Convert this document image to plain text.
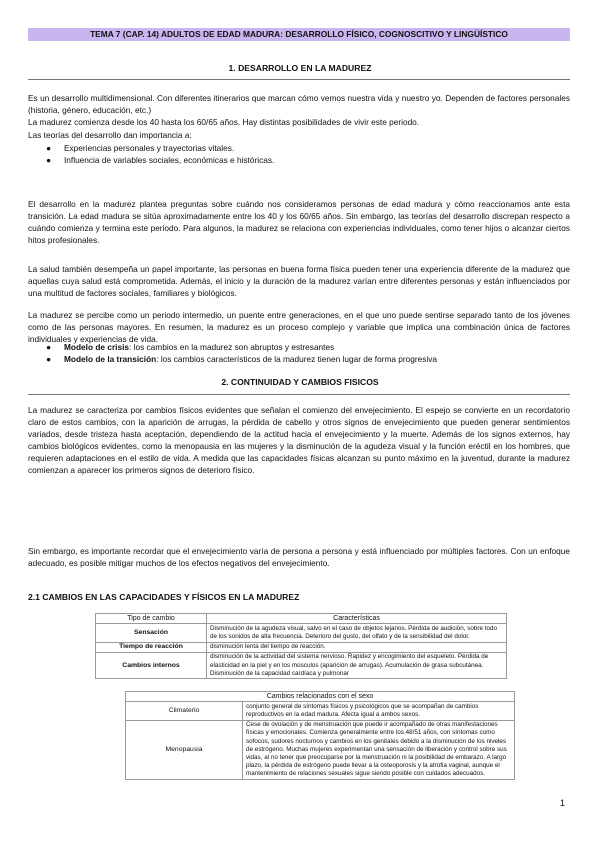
TEMA 7 (CAP. 14) ADULTOS DE EDAD MADURA: DESARROLLO FÍSICO, COGNOSCITIVO Y LINGÜÍSTICO
1. DESARROLLO EN LA MADUREZ

Es un desarrollo multidimensional. Con diferentes itinerarios que marcan cómo vemos nuestra vida y nuestro yo. Dependen de factores personales (historia, género, educación, etc.)

La madurez comienza desde los 40 hasta los 60/65 años. Hay distintas posibilidades de vivir este periodo.

Las teorías del desarrollo dan importancia a:

● Experiencias personales y trayectorias vitales.
● Influencia de variables sociales, económicas e históricas.

El desarrollo en la madurez plantea preguntas sobre cuándo nos consideramos personas de edad madura y cómo reaccionamos ante esta transición. La edad madura se sitúa aproximadamente entre los 40 y los 60/65 años. Sin embargo, las teorías del desarrollo discrepan respecto a cuándo comienza y termina este periodo. Para algunos, la madurez se relaciona con experiencias individuales, como tener hijos o alcanzar ciertos hitos profesionales.

La salud también desempeña un papel importante, las personas en buena forma física pueden tener una experiencia diferente de la madurez que aquellas cuya salud está comprometida. Además, el inicio y la duración de la madurez varían entre diferentes personas y están influenciados por una multitud de factores sociales, familiares y biológicos.

La madurez se percibe como un periodo intermedio, un puente entre generaciones, en el que uno puede sentirse separado tanto de los jóvenes como de las personas mayores. En resumen, la madurez es un proceso complejo y variable que implica una combinación única de factores individuales y experiencias de vida.

● Modelo de crisis: los cambios en la madurez son abruptos y estresantes
● Modelo de la transición: los cambios característicos de la madurez tienen lugar de forma progresiva
2. CONTINUIDAD Y CAMBIOS FISICOS

La madurez se caracteriza por cambios físicos evidentes que señalan el comienzo del envejecimiento. El espejo se convierte en un recordatorio claro de estos cambios, con la aparición de arrugas, la pérdida de cabello y otros signos de envejecimiento que pueden generar sentimientos variados, desde tristeza hasta aceptación, dependiendo de la actitud hacia el envejecimiento y la muerte. Además de los signos externos, hay cambios biológicos evidentes, como la menopausia en las mujeres y la disminución de la agudeza visual y la función eréctil en los hombres, que requieren adaptaciones en el estilo de vida. A medida que las capacidades físicas alcanzan su punto máximo en la juventud, durante la madurez comienzan a aparecer los primeros signos de deterioro físico.

Sin embargo, es importante recordar que el envejecimiento varía de persona a persona y está influenciado por múltiples factores. Con un enfoque adecuado, es posible mitigar muchos de los efectos negativos del envejecimiento.

2.1 CAMBIOS EN LAS CAPACIDADES Y FÍSICOS EN LA MADUREZ
Tipo de cambio	Características
Sensación	Disminución de la agudeza visual, salvo en el caso de objetos lejanos. Pérdida de audición, sobre todo de los sonidos de alta frecuencia. Deterioro del gusto, del olfato y de la sensibilidad del dolor.
Tiempo de reacción	disminución lenta del tiempo de reacción.
Cambios internos	disminución de la actividad del sistema nervioso. Rapidez y encogimiento del esqueleto. Pérdida de elasticidad en la piel y en los músculos (aparición de arrugas). Acumulación de grasa subcutánea. Disminución de la capacidad cardíaca y pulmonar
Cambios relacionados con el sexo	
Climaterio	conjunto general de síntomas físicos y psicológicos que se acompañan de cambios reproductivos en la edad madura. Afecta igual a ambos sexos.
Menopausia	Cese de ovulación y de menstruación que puede ir acompañado de otras manifestaciones físicas y emocionales. Comienza generalmente entre los 48/51 años, con síntomas como sofocos, sudores nocturnos y cambios en los genitales debido a la disminución de los niveles de estrógeno. Muchas mujeres experimentan una sensación de liberación y control sobre sus vidas, al no tener que preocuparse por la menstruación ni la posibilidad de embarazo. A largo plazo, la pérdida de estrógeno puede llevar a la osteoporosis y la atrofia vaginal, aunque el mantenimiento de relaciones sexuales sigue siendo posible con cuidados adecuados.
1
